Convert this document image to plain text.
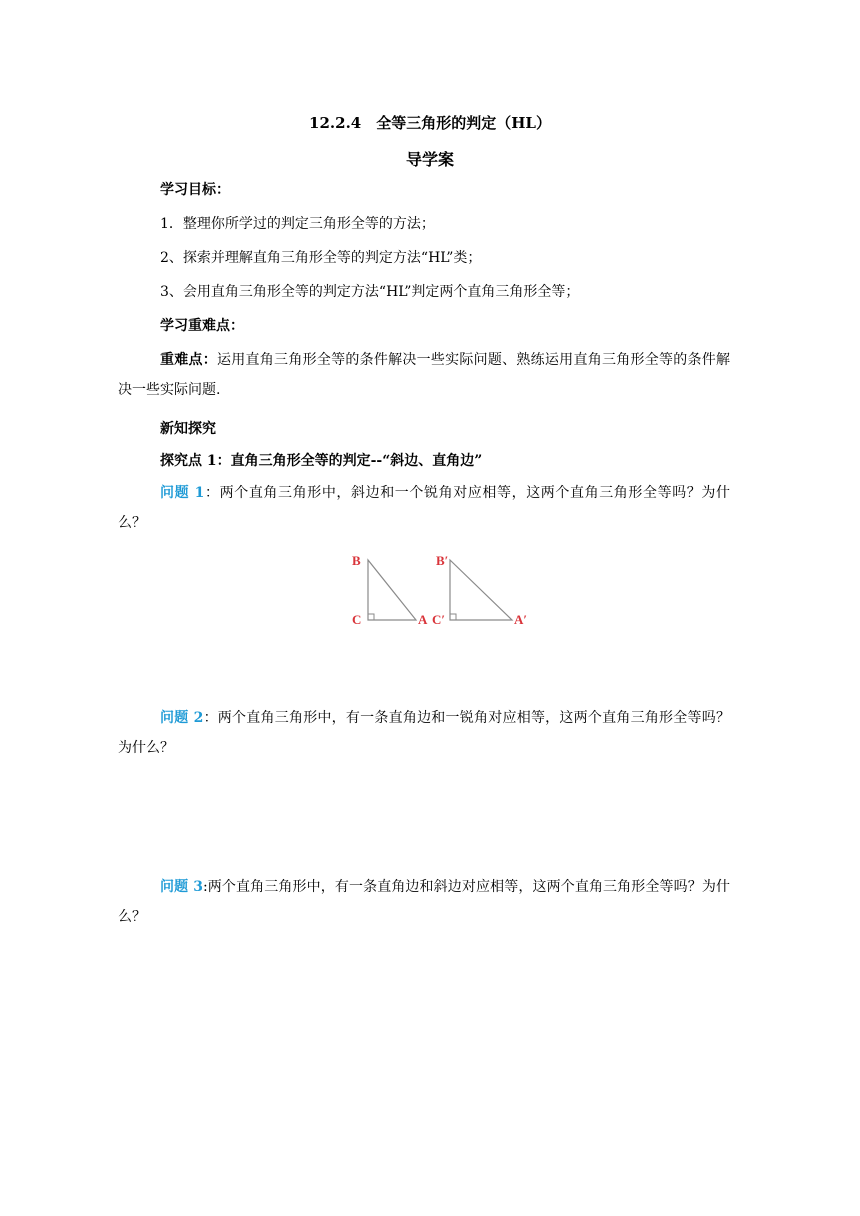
12.2.4　全等三角形的判定（HL）
导学案
学习目标：
1．整理你所学过的判定三角形全等的方法；
2、探索并理解直角三角形全等的判定方法“HL”类；
3、会用直角三角形全等的判定方法“HL”判定两个直角三角形全等；
学习重难点：
重难点：运用直角三角形全等的条件解决一些实际问题、熟练运用直角三角形全等的条件解决一些实际问题.
新知探究
探究点 1：直角三角形全等的判定--“斜边、直角边”
问题 1：两个直角三角形中，斜边和一个锐角对应相等，这两个直角三角形全等吗？为什么？
B
C	A
B′
C′	A′
问题 2：两个直角三角形中，有一条直角边和一锐角对应相等，这两个直角三角形全等吗？为什么？
问题 3:两个直角三角形中，有一条直角边和斜边对应相等，这两个直角三角形全等吗？为什么？
